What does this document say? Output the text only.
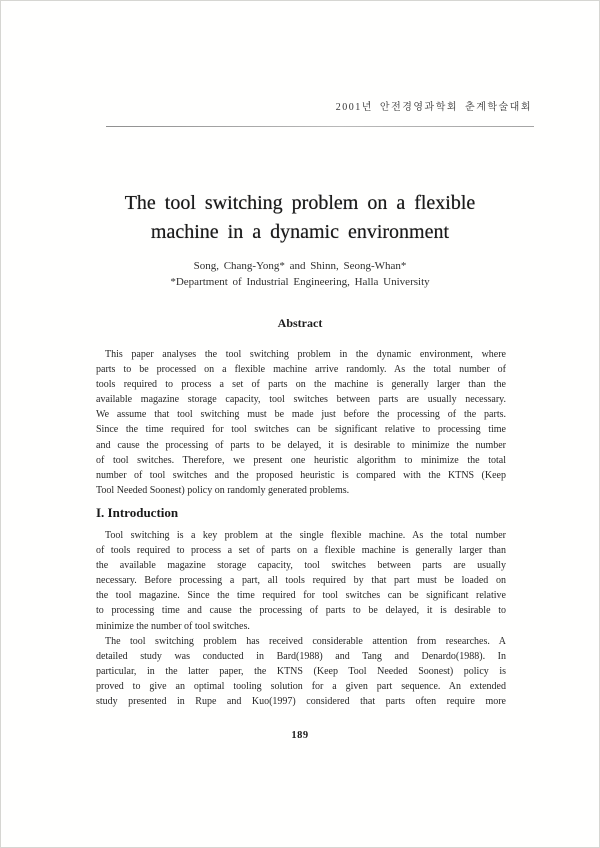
2001년 안전경영과학회 춘계학술대회
The tool switching problem on a flexible
machine in a dynamic environment
Song, Chang-Yong* and Shinn, Seong-Whan*
*Department of Industrial Engineering, Halla University
Abstract
This paper analyses the tool switching problem in the dynamic environment, where
parts to be processed on a flexible machine arrive randomly. As the total number of
tools required to process a set of parts on the machine is generally larger than the
available magazine storage capacity, tool switches between parts are usually necessary.
We assume that tool switching must be made just before the processing of the parts.
Since the time required for tool switches can be significant relative to processing time
and cause the processing of parts to be delayed, it is desirable to minimize the number
of tool switches. Therefore, we present one heuristic algorithm to minimize the total
number of tool switches and the proposed heuristic is compared with the KTNS (Keep
Tool Needed Soonest) policy on randomly generated problems.
I. Introduction
Tool switching is a key problem at the single flexible machine. As the total number
of tools required to process a set of parts on a flexible machine is generally larger than
the available magazine storage capacity, tool switches between parts are usually
necessary. Before processing a part, all tools required by that part must be loaded on
the tool magazine. Since the time required for tool switches can be significant relative
to processing time and cause the processing of parts to be delayed, it is desirable to
minimize the number of tool switches.
The tool switching problem has received considerable attention from researches. A
detailed study was conducted in Bard(1988) and Tang and Denardo(1988). In
particular, in the latter paper, the KTNS (Keep Tool Needed Soonest) policy is
proved to give an optimal tooling solution for a given part sequence. An extended
study presented in Rupe and Kuo(1997) considered that parts often require more
189
